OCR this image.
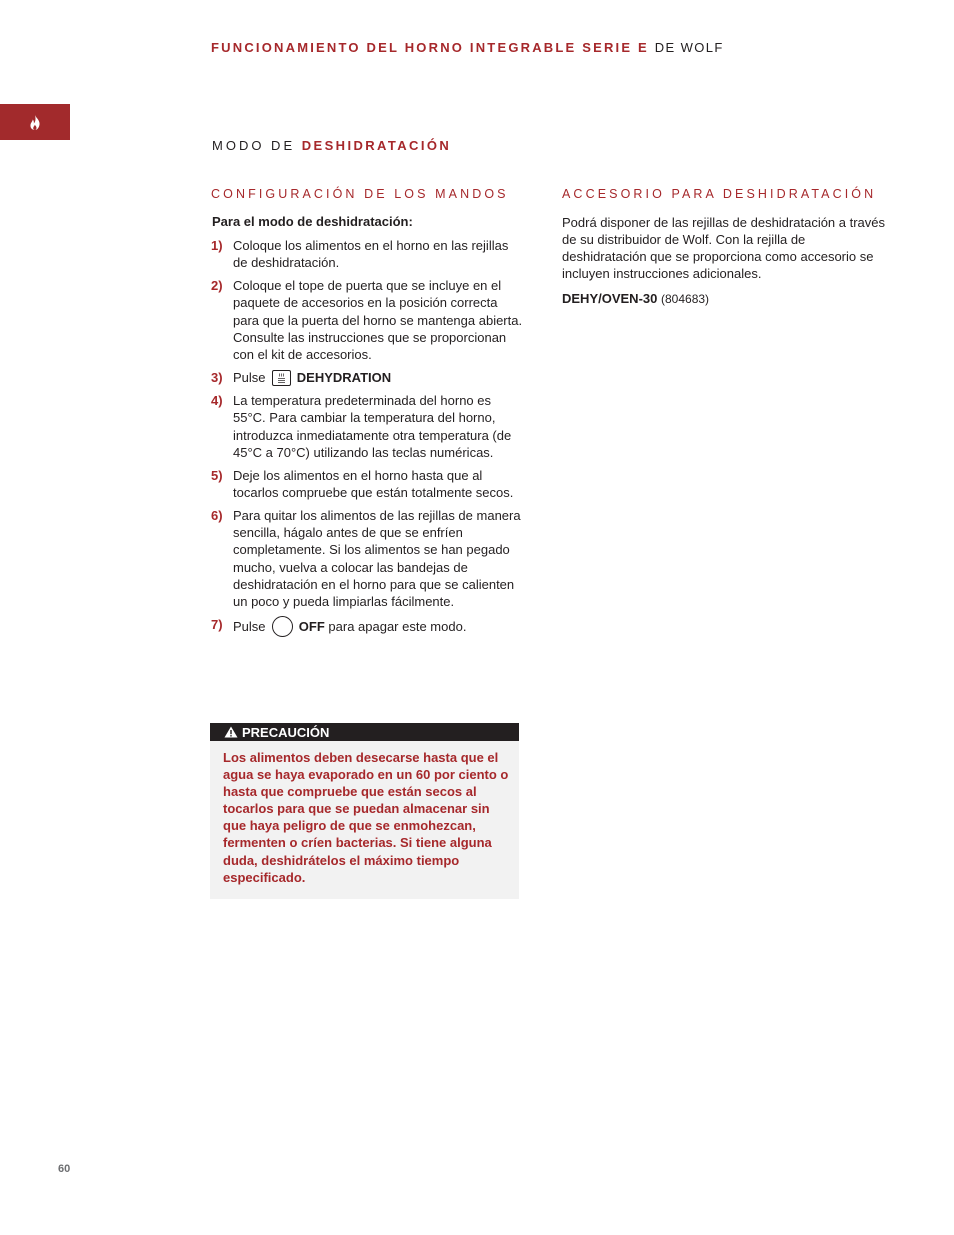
FUNCIONAMIENTO DEL HORNO INTEGRABLE SERIE E DE WOLF
MODO DE DESHIDRATACIÓN
CONFIGURACIÓN DE LOS MANDOS
Para el modo de deshidratación:
1) Coloque los alimentos en el horno en las rejillas de deshidratación.
2) Coloque el tope de puerta que se incluye en el paquete de accesorios en la posición correcta para que la puerta del horno se mantenga abierta. Consulte las instrucciones que se proporcionan con el kit de accesorios.
3) Pulse DEHYDRATION
4) La temperatura predeterminada del horno es 55°C. Para cambiar la temperatura del horno, introduzca inmediatamente otra temperatura (de 45°C a 70°C) utilizando las teclas numéricas.
5) Deje los alimentos en el horno hasta que al tocarlos compruebe que están totalmente secos.
6) Para quitar los alimentos de las rejillas de manera sencilla, hágalo antes de que se enfríen completamente. Si los alimentos se han pegado mucho, vuelva a colocar las bandejas de deshidratación en el horno para que se calienten un poco y pueda limpiarlas fácilmente.
7) Pulse	OFF para apagar este modo.
PRECAUCIÓN
Los alimentos deben desecarse hasta que el agua se haya evaporado en un 60 por ciento o hasta que compruebe que están secos al tocarlos para que se puedan almacenar sin que haya peligro de que se enmohezcan, fermenten o críen bacterias. Si tiene alguna duda, deshidrátelos el máximo tiempo especificado.
ACCESORIO PARA DESHIDRATACIÓN

Podrá disponer de las rejillas de deshidratación a través de su distribuidor de Wolf. Con la rejilla de deshidratación que se proporciona como accesorio se incluyen instrucciones adicionales.

DEHY/OVEN-30 (804683)

60
